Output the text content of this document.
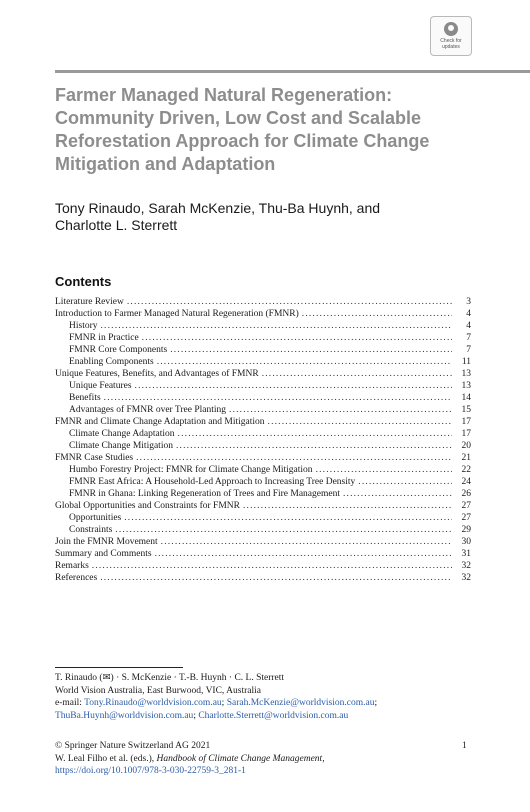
Check for
updates
Farmer Managed Natural Regeneration: Community Driven, Low Cost and Scalable Reforestation Approach for Climate Change Mitigation and Adaptation
Tony Rinaudo, Sarah McKenzie, Thu-Ba Huynh, and
Charlotte L. Sterrett
Contents
Literature Review . . .	3
Introduction to Farmer Managed Natural Regeneration (FMNR) . . .	4
History . . .	4
FMNR in Practice . . .	7
FMNR Core Components . . .	7
Enabling Components . . .	11
Unique Features, Benefits, and Advantages of FMNR . . .	13
Unique Features . . .	13
Benefits . . .	14
Advantages of FMNR over Tree Planting . . .	15
FMNR and Climate Change Adaptation and Mitigation . . .	17
Climate Change Adaptation . . .	17
Climate Change Mitigation . . .	20
FMNR Case Studies . . .	21
Humbo Forestry Project: FMNR for Climate Change Mitigation . . .	22
FMNR East Africa: A Household-Led Approach to Increasing Tree Density . . .	24
FMNR in Ghana: Linking Regeneration of Trees and Fire Management . . .	26
Global Opportunities and Constraints for FMNR . . .	27
Opportunities . . .	27
Constraints . . .	29
Join the FMNR Movement . . .	30
Summary and Comments . . .	31
Remarks . . .	32
References . . .	32
T. Rinaudo (✉) · S. McKenzie · T.-B. Huynh · C. L. Sterrett
World Vision Australia, East Burwood, VIC, Australia
e-mail: Tony.Rinaudo@worldvision.com.au; Sarah.McKenzie@worldvision.com.au;
ThuBa.Huynh@worldvision.com.au; Charlotte.Sterrett@worldvision.com.au
© Springer Nature Switzerland AG 2021
W. Leal Filho et al. (eds.), Handbook of Climate Change Management,
https://doi.org/10.1007/978-3-030-22759-3_281-1
1
